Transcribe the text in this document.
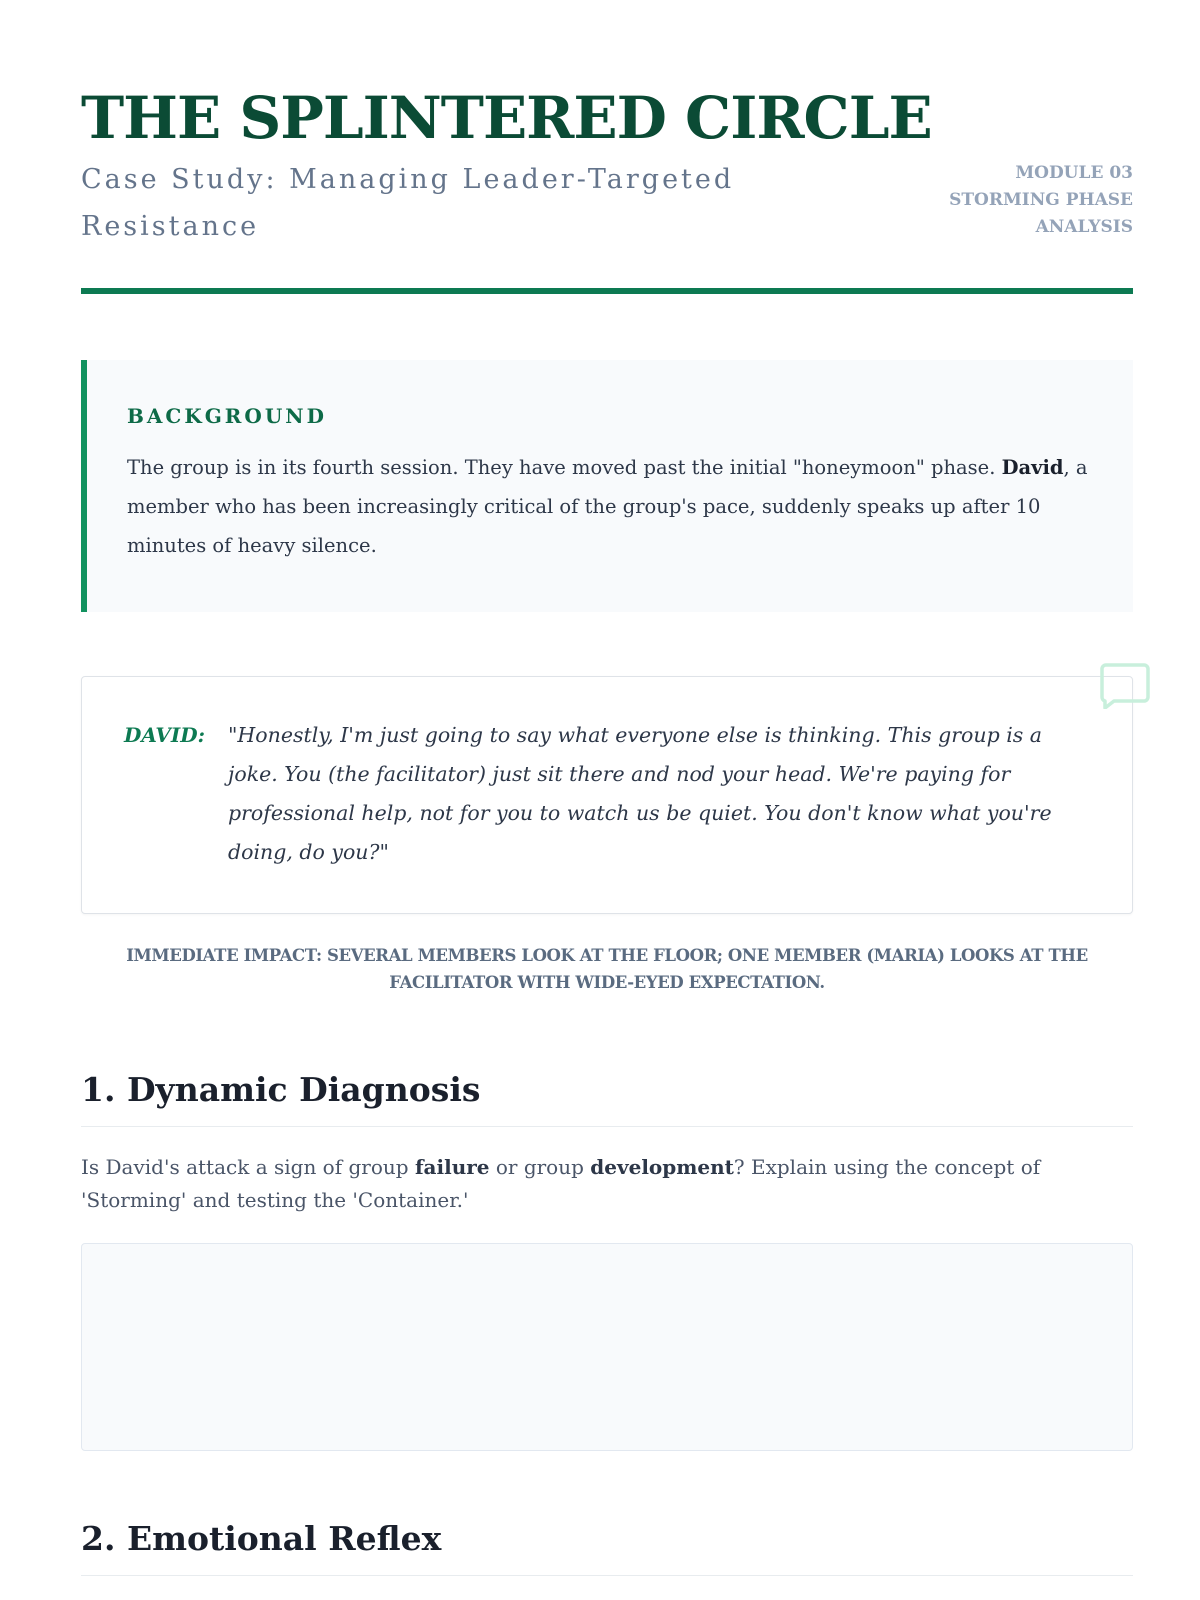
THE SPLINTERED CIRCLE

Case Study: Managing Leader-Targeted Resistance

MODULE 03
STORMING PHASE
ANALYSIS
BACKGROUND

The group is in its fourth session. They have moved past the initial "honeymoon" phase. David, a member who has been increasingly critical of the group's pace, suddenly speaks up after 10 minutes of heavy silence.

DAVID:	"Honestly, I'm just going to say what everyone else is thinking. This group is a joke. You (the facilitator) just sit there and nod your head. We're paying for professional help, not for you to watch us be quiet. You don't know what you're doing, do you?"

IMMEDIATE IMPACT: SEVERAL MEMBERS LOOK AT THE FLOOR; ONE MEMBER (MARIA) LOOKS AT THE FACILITATOR WITH WIDE-EYED EXPECTATION.
1. Dynamic Diagnosis

Is David's attack a sign of group failure or group development? Explain using the concept of 'Storming' and testing the 'Container.'

2. Emotional Reflex
